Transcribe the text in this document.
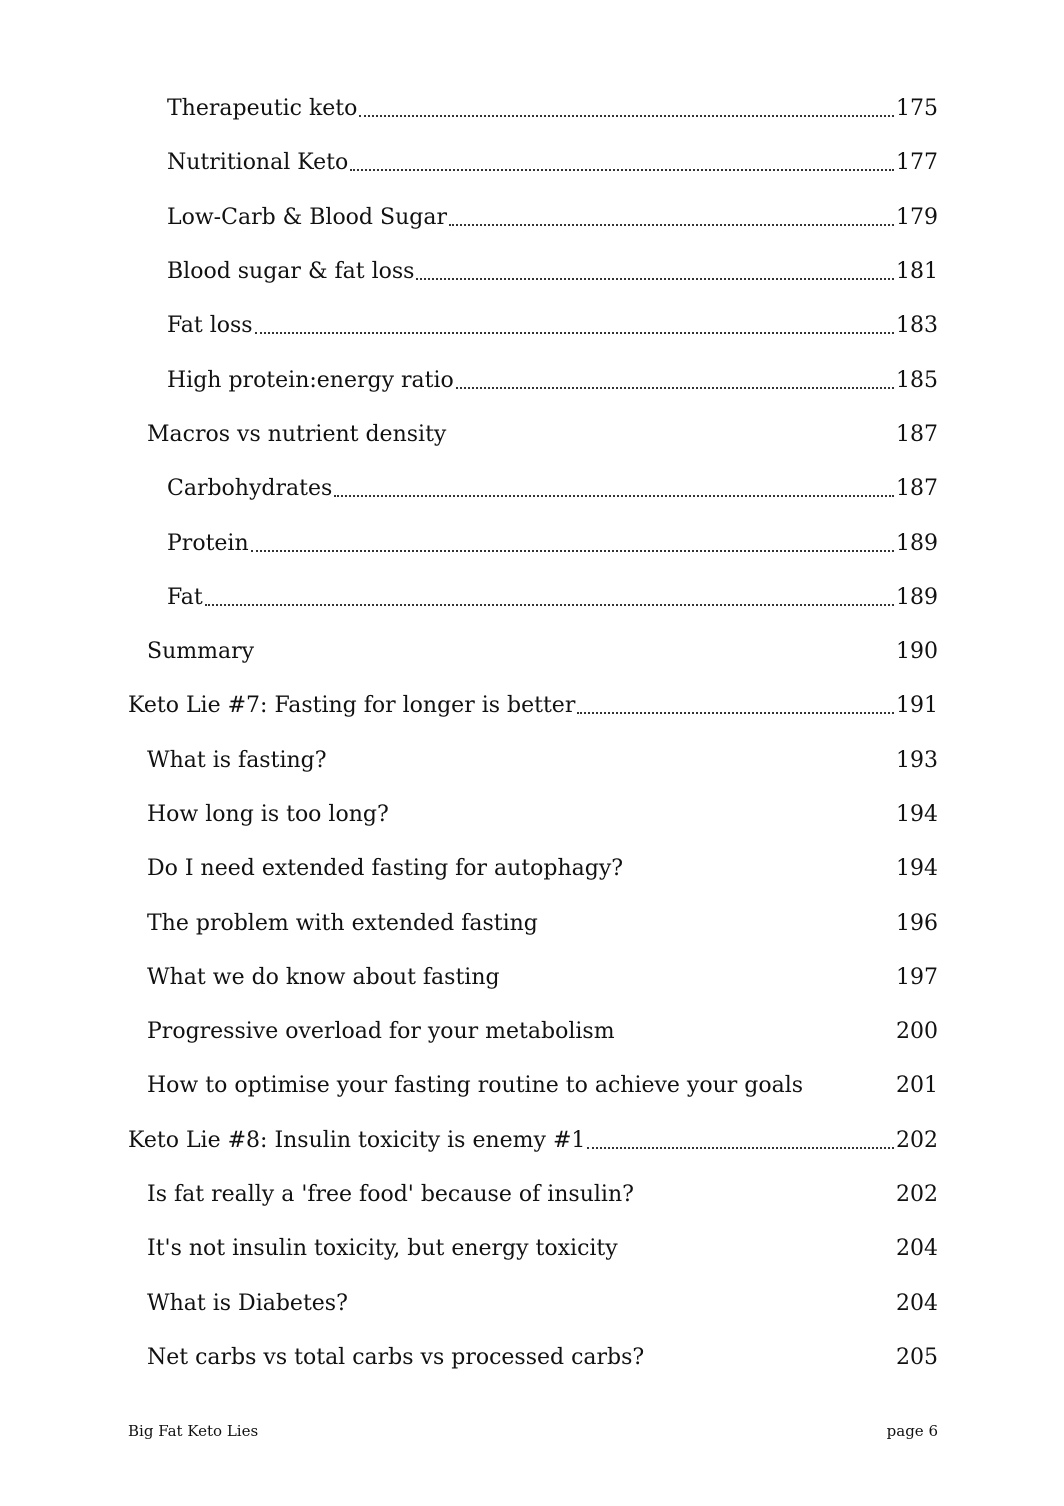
Therapeutic keto	175
Nutritional Keto	177
Low-Carb & Blood Sugar	179
Blood sugar & fat loss	181
Fat loss	183
High protein:energy ratio	185
Macros vs nutrient density	187
Carbohydrates	187
Protein	189
Fat	189
Summary	190
Keto Lie #7: Fasting for longer is better	191
What is fasting?	193
How long is too long?	194
Do I need extended fasting for autophagy?	194
The problem with extended fasting	196
What we do know about fasting	197
Progressive overload for your metabolism	200
How to optimise your fasting routine to achieve your goals	201
Keto Lie #8: Insulin toxicity is enemy #1	202
Is fat really a 'free food' because of insulin?	202
It's not insulin toxicity, but energy toxicity	204
What is Diabetes?	204
Net carbs vs total carbs vs processed carbs?	205
Big Fat Keto Lies	page 6
